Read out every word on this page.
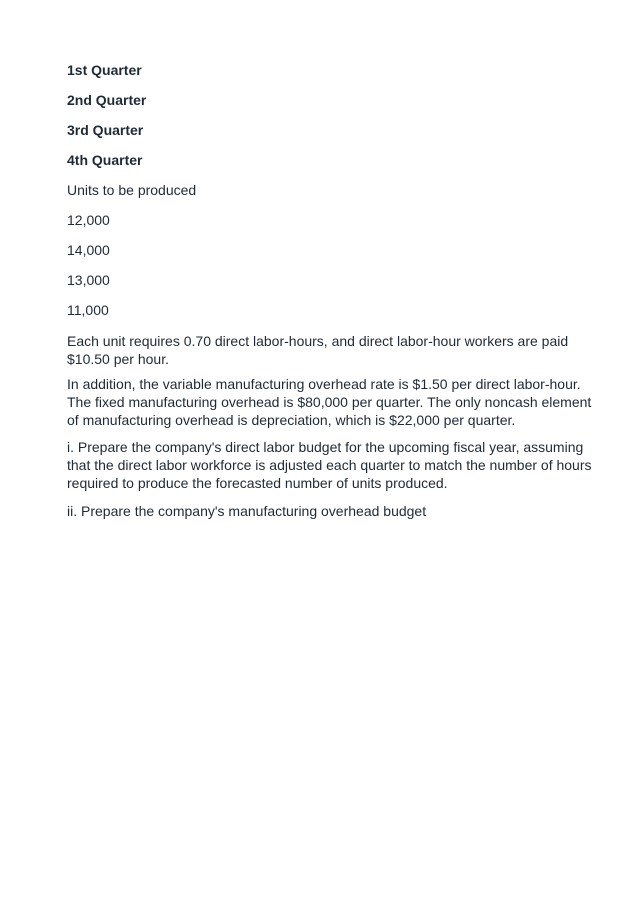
1st Quarter
2nd Quarter
3rd Quarter
4th Quarter
Units to be produced
12,000
14,000
13,000
11,000

Each unit requires 0.70 direct labor-hours, and direct labor-hour workers are paid $10.50 per hour.

In addition, the variable manufacturing overhead rate is $1.50 per direct labor-hour. The fixed manufacturing overhead is $80,000 per quarter. The only noncash element of manufacturing overhead is depreciation, which is $22,000 per quarter.

i. Prepare the company's direct labor budget for the upcoming fiscal year, assuming that the direct labor workforce is adjusted each quarter to match the number of hours required to produce the forecasted number of units produced.

ii. Prepare the company's manufacturing overhead budget
